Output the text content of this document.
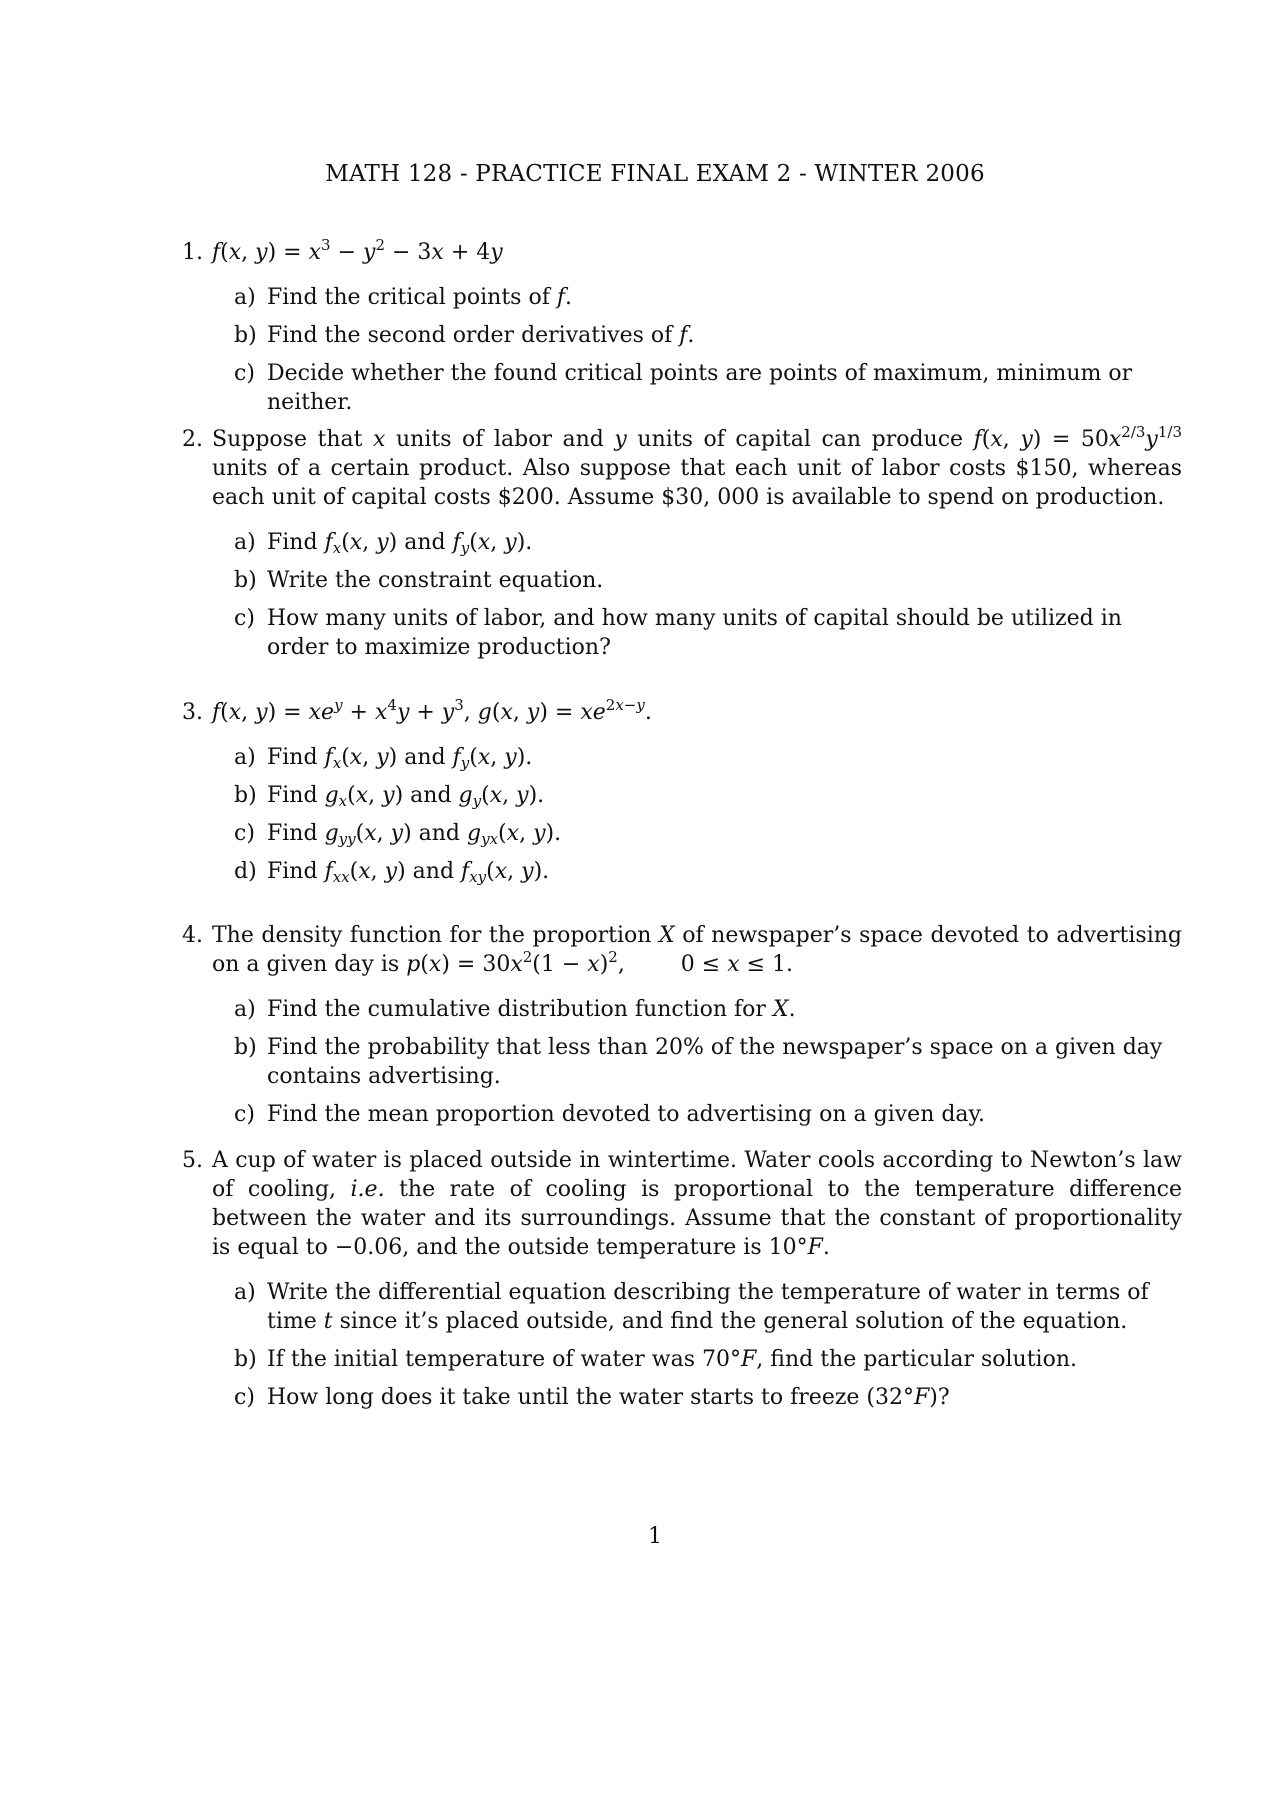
MATH 128 - PRACTICE FINAL EXAM 2 - WINTER 2006
1. f(x, $y) = x^3 - y^2 - 3x + 4y$
a) Find the critical points of f.
b) Find the second order derivatives of f.
c) Decide whether the found critical points are points of maximum, minimum or neither.
2. Suppose that x units of labor and y units of capital can produce f(x, $y) = 50x^{2/3}y^{1/3}$ units of a certain product. Also suppose that each unit of labor costs $150, whereas each unit of capital costs $200. Assume $30, 000 is available to spend on production.
a) Find $f_x(x$, y) and $f_y(x$, y).
b) Write the constraint equation.
c) How many units of labor, and how many units of capital should be utilized in order to maximize production?
3. f(x, $y) = xe^y + x^4y + y^3$, g(x, $y) = xe^{2x-y}$.
a) Find $f_x(x$, y) and $f_y(x$, y).
b) Find $g_x(x$, y) and $g_y(x$, y).
c) Find $g_{yy}(x$, y) and $g_{yx}(x$, y).
d) Find $f_{xx}(x$, y) and $f_{xy}(x$, y).
4. The density function for the proportion X of newspaper’s space devoted to advertising on a given day is $p(x) = 30x^2(1 - x)^2$,        0 ≤ x ≤ 1.
a) Find the cumulative distribution function for X.
b) Find the probability that less than 20% of the newspaper’s space on a given day contains advertising.
c) Find the mean proportion devoted to advertising on a given day.
5. A cup of water is placed outside in wintertime. Water cools according to Newton’s law of cooling, i.e. the rate of cooling is proportional to the temperature difference between the water and its surroundings. Assume that the constant of proportionality is equal to −0.06, and the outside temperature is 10°F.
a) Write the differential equation describing the temperature of water in terms of time t since it’s placed outside, and find the general solution of the equation.
b) If the initial temperature of water was 70°F, find the particular solution.
c) How long does it take until the water starts to freeze (32°F)?
1
